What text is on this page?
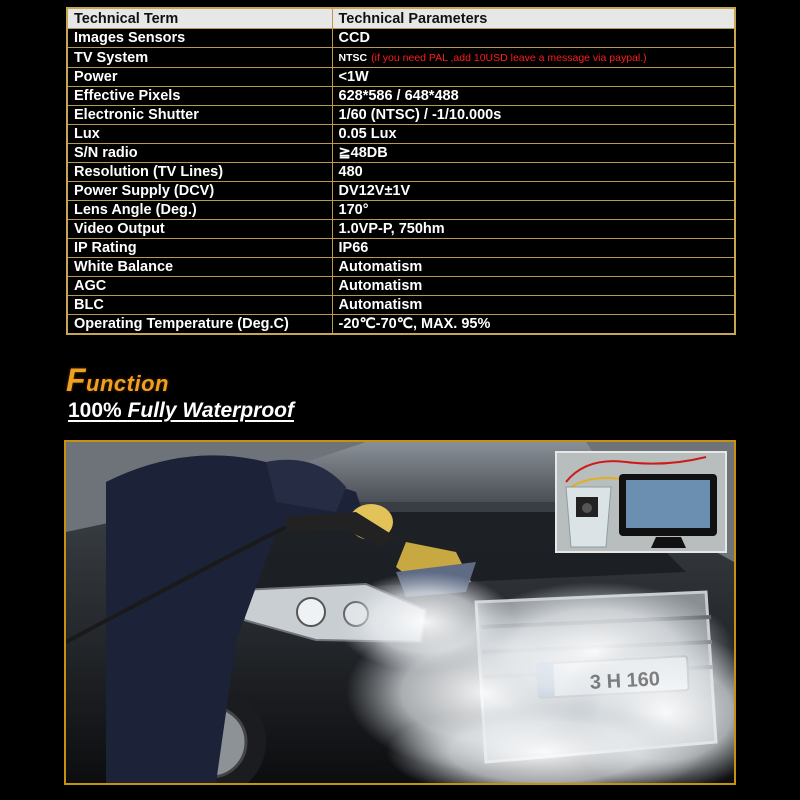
Technical Term	Technical Parameters
Images Sensors	CCD
TV System	NTSC (if you need PAL ,add 10USD leave a message via paypal.)
Power	<1W
Effective Pixels	628*586 / 648*488
Electronic Shutter	1/60 (NTSC) / -1/10.000s
Lux	0.05 Lux
S/N radio	≧48DB
Resolution (TV Lines)	480
Power Supply (DCV)	DV12V±1V
Lens Angle (Deg.)	170°
Video Output	1.0VP-P, 750hm
IP Rating	IP66
White Balance	Automatism
AGC	Automatism
BLC	Automatism
Operating Temperature (Deg.C)	-20℃-70℃, MAX. 95%
Function
100% Fully Waterproof
3 H 160
